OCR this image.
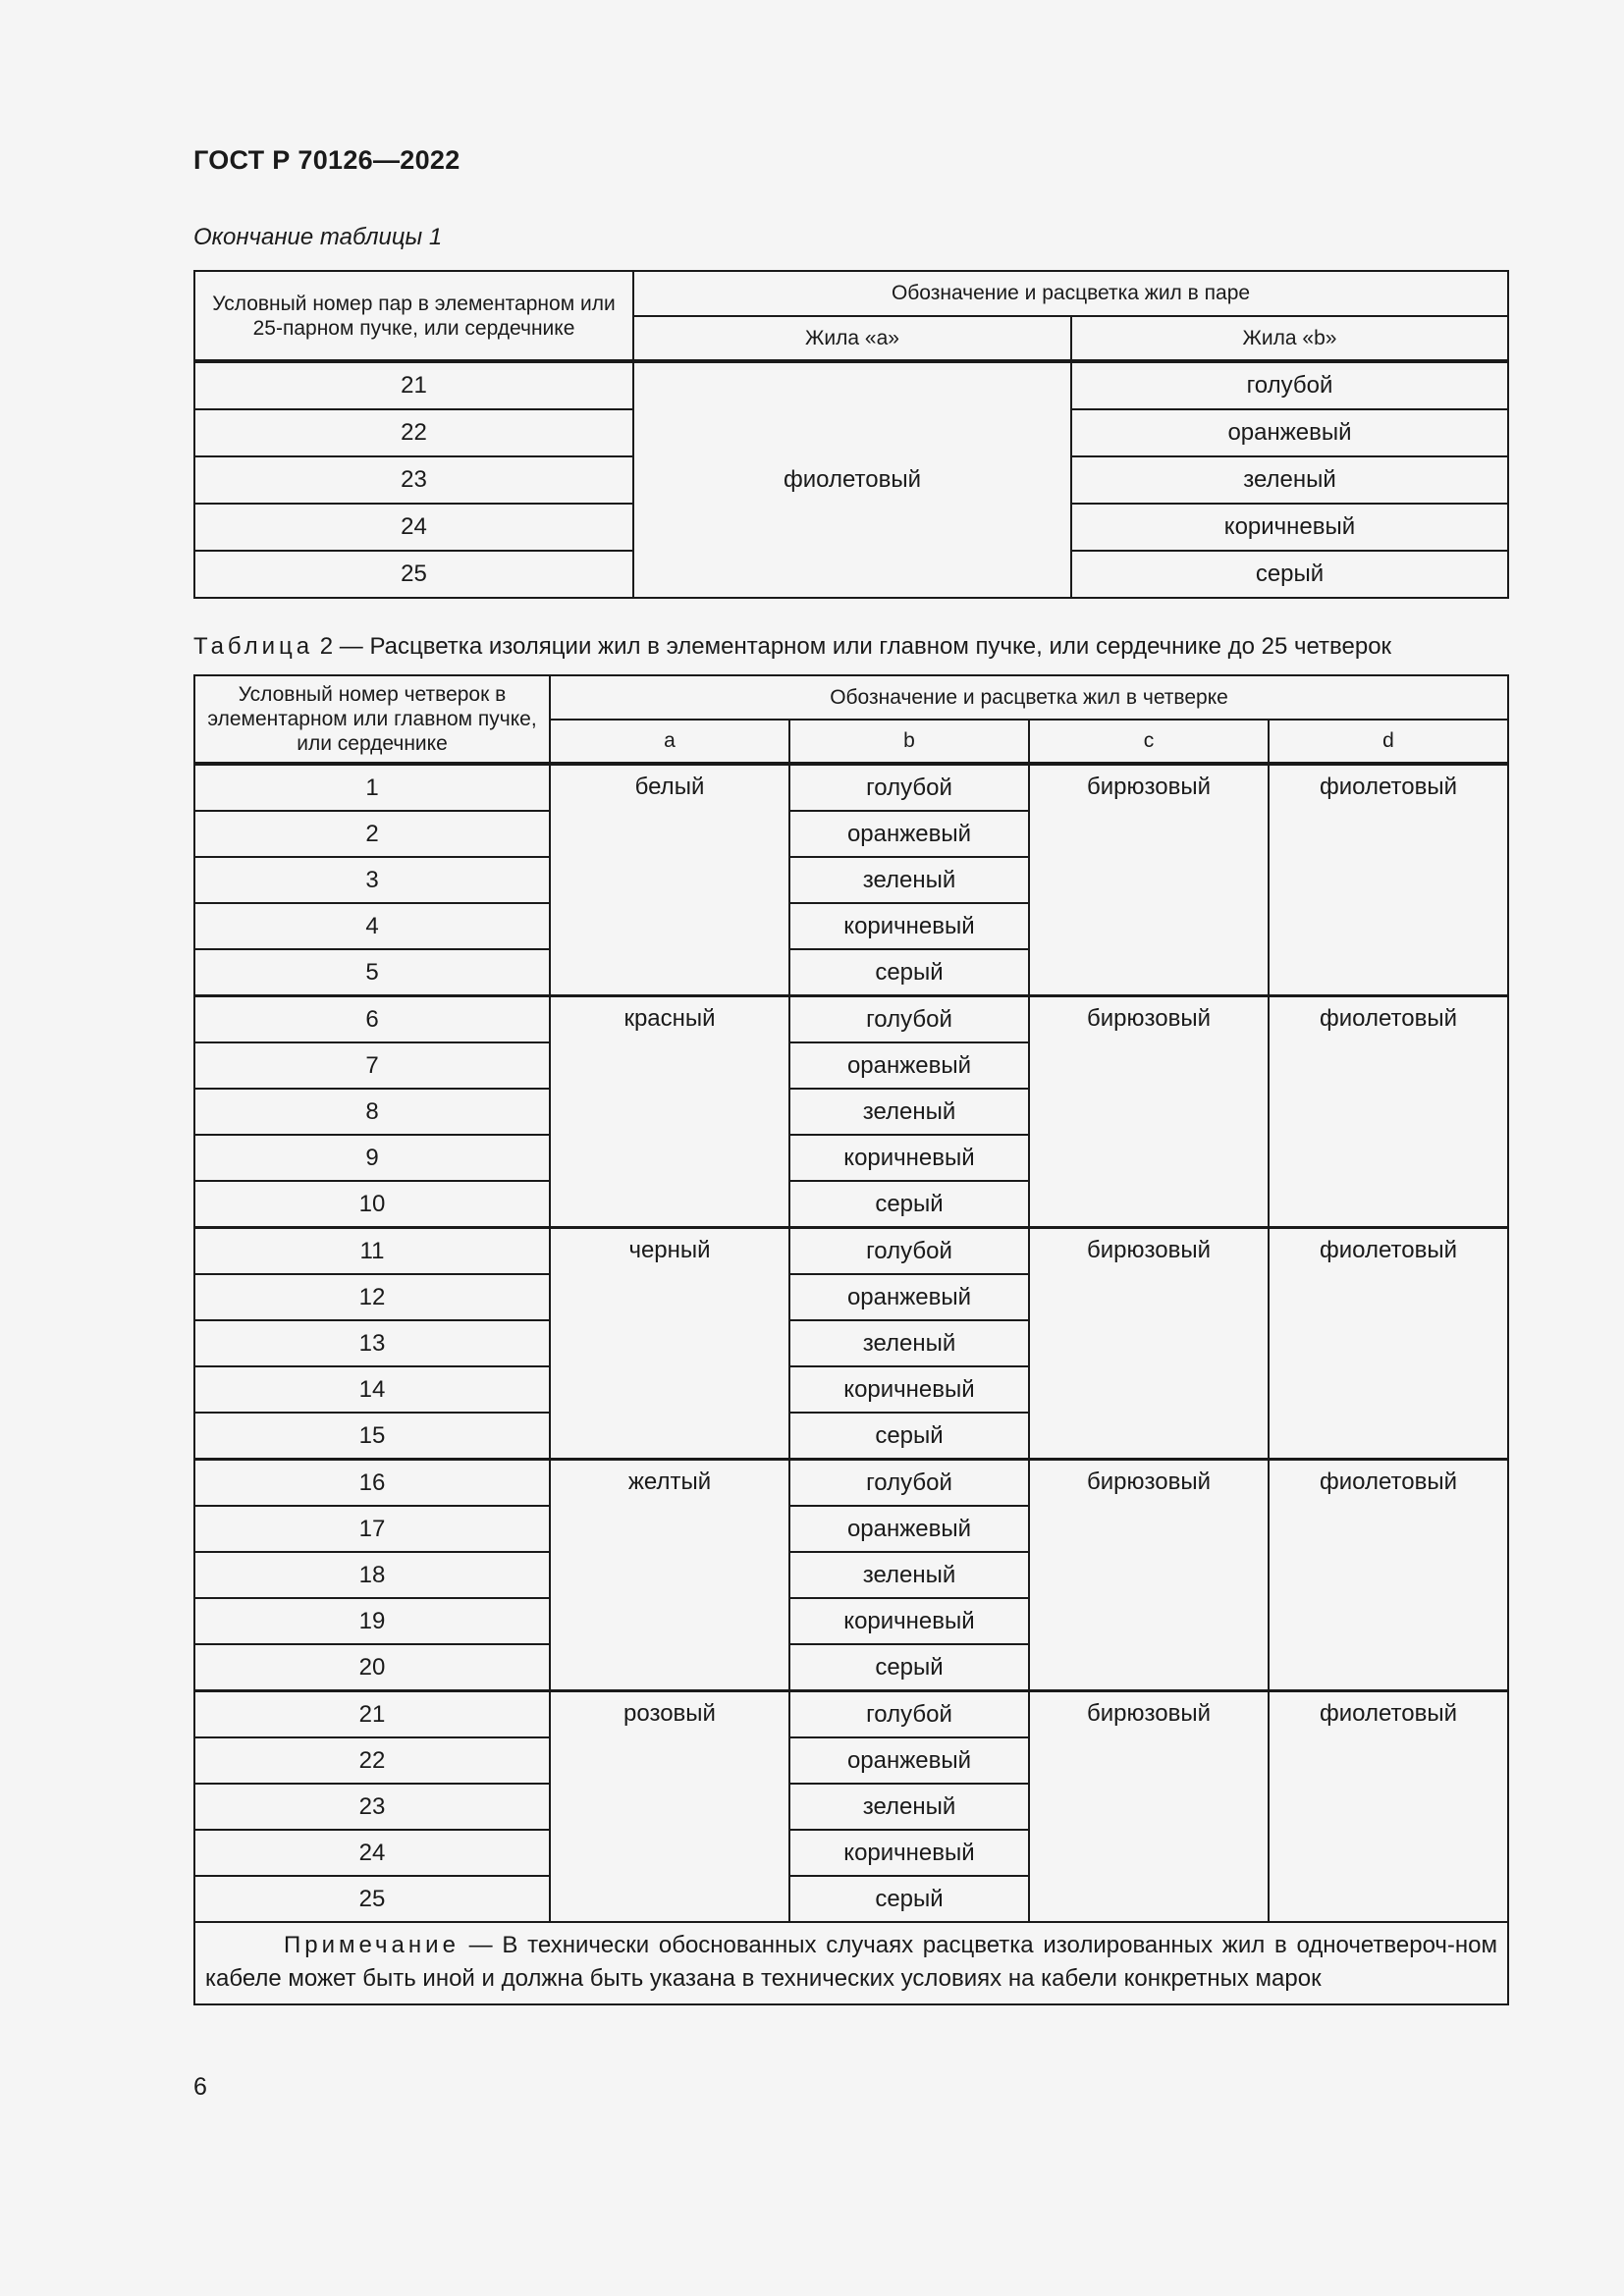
ГОСТ Р 70126—2022
Окончание таблицы 1
Условный номер пар в элементарном или 25-парном пучке, или сердечнике	Обозначение и расцветка жил в паре	
	Жила «а»	Жила «b»
21	фиолетовый	голубой
22		оранжевый
23		зеленый
24		коричневый
25		серый
Таблица 2 — Расцветка изоляции жил в элементарном или главном пучке, или сердечнике до 25 четверок
Условный номер четверок в элементарном или главном пучке, или сердечнике	Обозначение и расцветка жил в четверке			
	a	b	c	d
1	белый	голубой	бирюзовый	фиолетовый
2		оранжевый		
3		зеленый		
4		коричневый		
5		серый		
6	красный	голубой	бирюзовый	фиолетовый
7		оранжевый		
8		зеленый		
9		коричневый		
10		серый		
11	черный	голубой	бирюзовый	фиолетовый
12		оранжевый		
13		зеленый		
14		коричневый		
15		серый		
16	желтый	голубой	бирюзовый	фиолетовый
17		оранжевый		
18		зеленый		
19		коричневый		
20		серый		
21	розовый	голубой	бирюзовый	фиолетовый
22		оранжевый		
23		зеленый		
24		коричневый		
25		серый		
Примечание — В технически обоснованных случаях расцветка изолированных жил в одночетвероч-ном кабеле может быть иной и должна быть указана в технических условиях на кабели конкретных марок				
6
